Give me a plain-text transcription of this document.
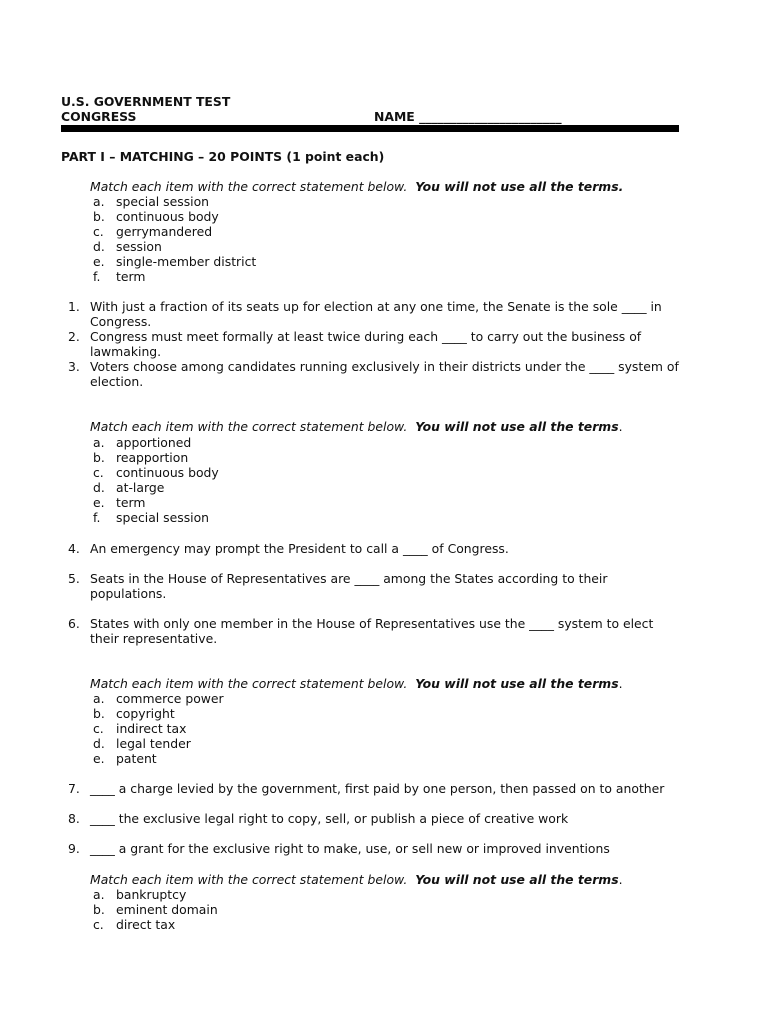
U.S. GOVERNMENT TEST
CONGRESS	NAME _______________________
PART I – MATCHING – 20 POINTS (1 point each)
Match each item with the correct statement below. You will not use all the terms.
a. special session
b. continuous body
c. gerrymandered
d. session
e. single-member district
f. term
1. With just a fraction of its seats up for election at any one time, the Senate is the sole ____ in Congress.
2. Congress must meet formally at least twice during each ____ to carry out the business of lawmaking.
3. Voters choose among candidates running exclusively in their districts under the ____ system of election.
Match each item with the correct statement below. You will not use all the terms.
a. apportioned
b. reapportion
c. continuous body
d. at-large
e. term
f. special session
4. An emergency may prompt the President to call a ____ of Congress.
5. Seats in the House of Representatives are ____ among the States according to their populations.
6. States with only one member in the House of Representatives use the ____ system to elect their representative.
Match each item with the correct statement below. You will not use all the terms.
a. commerce power
b. copyright
c. indirect tax
d. legal tender
e. patent
7. ____ a charge levied by the government, first paid by one person, then passed on to another
8. ____ the exclusive legal right to copy, sell, or publish a piece of creative work
9. ____ a grant for the exclusive right to make, use, or sell new or improved inventions
Match each item with the correct statement below. You will not use all the terms.
a. bankruptcy
b. eminent domain
c. direct tax
